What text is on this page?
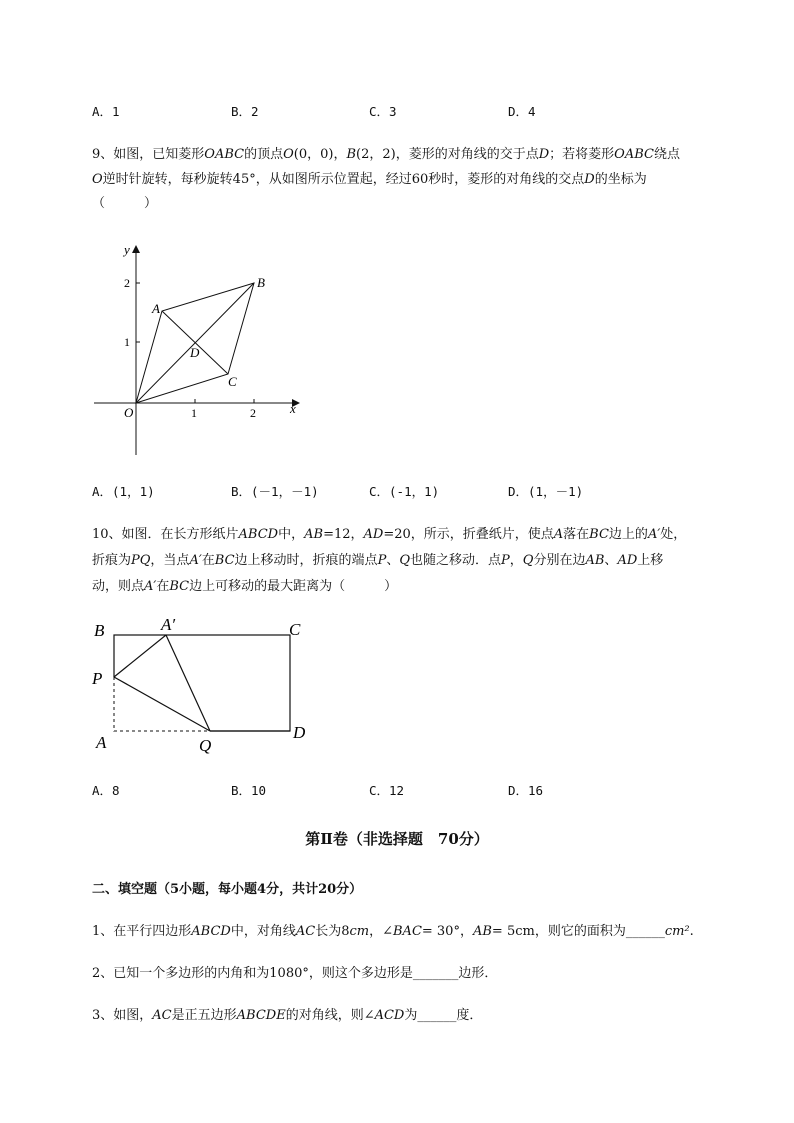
A．1	B．2	C．3	D．4
9、如图，已知菱形OABC的顶点O(0，0)，B(2，2)，菱形的对角线的交于点D；若将菱形OABC绕点
O逆时针旋转，每秒旋转45°，从如图所示位置起，经过60秒时，菱形的对角线的交点D的坐标为
（　　　）
y
x
1	2
1
2
O
A
B
C
D
A．(1，1)	B．(－1，－1)	C．(-1，1)	D．(1，－1)
10、如图．在长方形纸片ABCD中，AB=12，AD=20，所示，折叠纸片，使点A落在BC边上的A′处，
折痕为PQ，当点A′在BC边上移动时，折痕的端点P、Q也随之移动．点P，Q分别在边AB、AD上移
动，则点A′在BC边上可移动的最大距离为（　　　）
B	A′	C
P
A	Q
D
A．8	B．10	C．12	D．16
第Ⅱ卷（非选择题　70分）
二、填空题（5小题，每小题4分，共计20分）
1、在平行四边形ABCD中，对角线AC长为8cm，∠BAC= 30°，AB= 5cm，则它的面积为______cm².
2、已知一个多边形的内角和为1080°，则这个多边形是_______边形．
3、如图，AC是正五边形ABCDE的对角线，则∠ACD为______度．
